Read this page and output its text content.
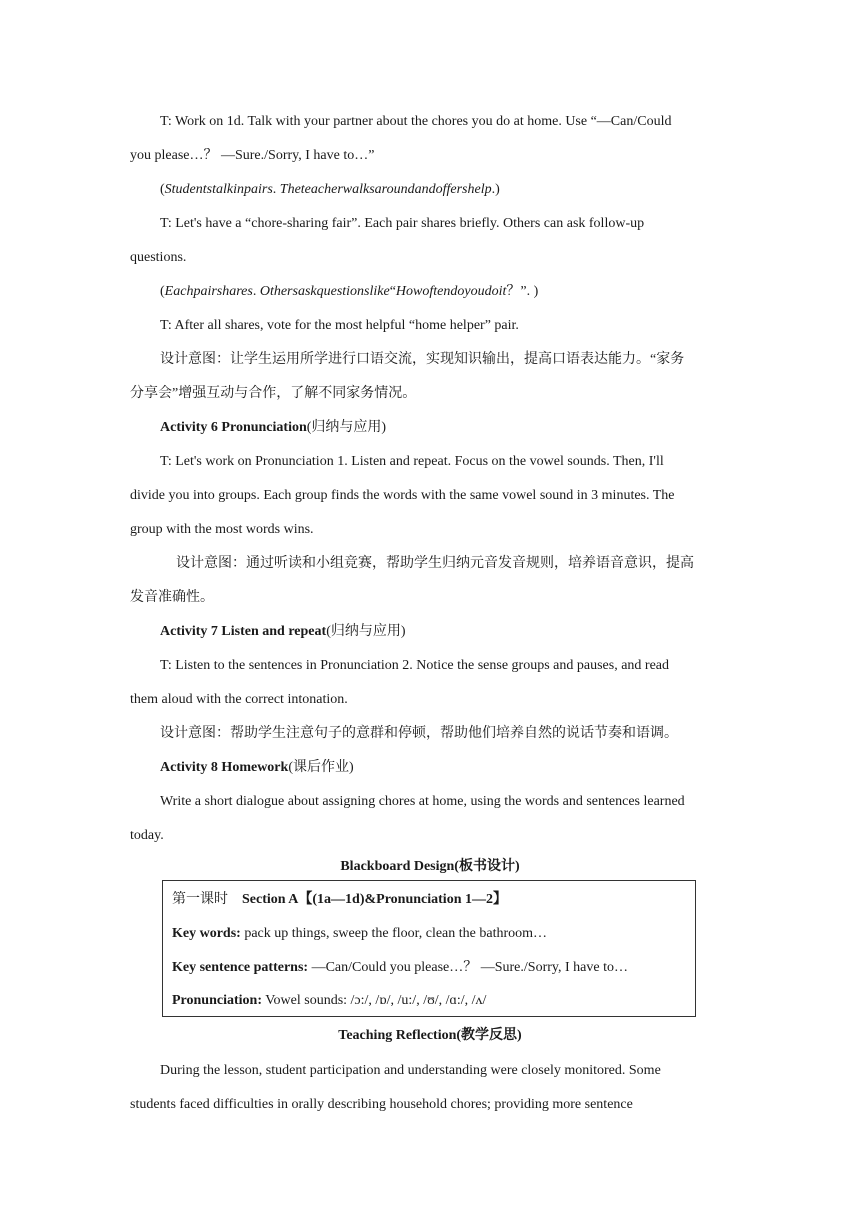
T: Work on 1d. Talk with your partner about the chores you do at home. Use “—Can/Could
you please…？ —Sure./Sorry, I have to…”
(Studentstalkinpairs. Theteacherwalksaroundandoffershelp.)
T: Let's have a “chore-sharing fair”. Each pair shares briefly. Others can ask follow-up
questions.
(Eachpairshares. Othersaskquestionslike“Howoftendoyoudoit？”. )
T: After all shares, vote for the most helpful “home helper” pair.
设计意图：让学生运用所学进行口语交流，实现知识输出，提高口语表达能力。“家务
分享会”增强互动与合作，了解不同家务情况。
Activity 6 Pronunciation(归纳与应用)
T: Let's work on Pronunciation 1. Listen and repeat. Focus on the vowel sounds. Then, I'll
divide you into groups. Each group finds the words with the same vowel sound in 3 minutes. The
group with the most words wins.
设计意图：通过听读和小组竞赛，帮助学生归纳元音发音规则，培养语音意识，提高
发音准确性。
Activity 7 Listen and repeat(归纳与应用)
T: Listen to the sentences in Pronunciation 2. Notice the sense groups and pauses, and read
them aloud with the correct intonation.
设计意图：帮助学生注意句子的意群和停顿，帮助他们培养自然的说话节奏和语调。
Activity 8 Homework(课后作业)
Write a short dialogue about assigning chores at home, using the words and sentences learned
today.
Blackboard Design(板书设计)
第一课时 Section A【(1a—1d)&Pronunciation 1—2】
Key words: pack up things, sweep the floor, clean the bathroom…
Key sentence patterns: —Can/Could you please…？ —Sure./Sorry, I have to…
Pronunciation: Vowel sounds: /ɔ:/, /ɒ/, /u:/, /ʊ/, /ɑ:/, /ʌ/
Teaching Reflection(教学反思)
During the lesson, student participation and understanding were closely monitored. Some
students faced difficulties in orally describing household chores; providing more sentence
